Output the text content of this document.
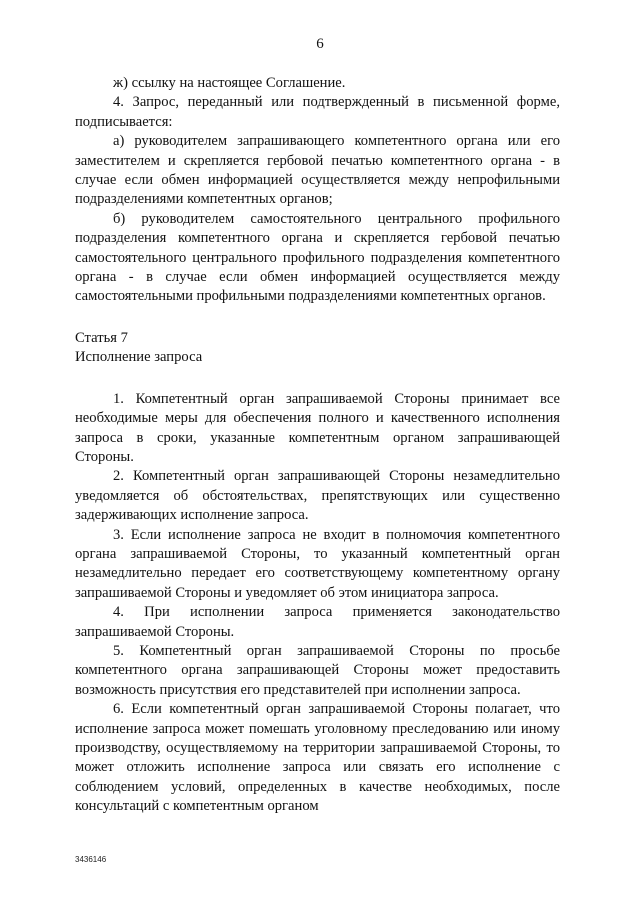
6

ж) ссылку на настоящее Соглашение.

4. Запрос, переданный или подтвержденный в письменной форме, подписывается:

а) руководителем запрашивающего компетентного органа или его заместителем и скрепляется гербовой печатью компетентного органа - в случае если обмен информацией осуществляется между непрофильными подразделениями компетентных органов;

б) руководителем самостоятельного центрального профильного подразделения компетентного органа и скрепляется гербовой печатью самостоятельного центрального профильного подразделения компетентного органа - в случае если обмен информацией осуществляется между самостоятельными профильными подразделениями компетентных органов.

Статья 7

Исполнение запроса

1. Компетентный орган запрашиваемой Стороны принимает все необходимые меры для обеспечения полного и качественного исполнения запроса в сроки, указанные компетентным органом запрашивающей Стороны.

2. Компетентный орган запрашивающей Стороны незамедлительно уведомляется об обстоятельствах, препятствующих или существенно задерживающих исполнение запроса.

3. Если исполнение запроса не входит в полномочия компетентного органа запрашиваемой Стороны, то указанный компетентный орган незамедлительно передает его соответствующему компетентному органу запрашиваемой Стороны и уведомляет об этом инициатора запроса.

4. При исполнении запроса применяется законодательство запрашиваемой Стороны.

5. Компетентный орган запрашиваемой Стороны по просьбе компетентного органа запрашивающей Стороны может предоставить возможность присутствия его представителей при исполнении запроса.

6. Если компетентный орган запрашиваемой Стороны полагает, что исполнение запроса может помешать уголовному преследованию или иному производству, осуществляемому на территории запрашиваемой Стороны, то может отложить исполнение запроса или связать его исполнение с соблюдением условий, определенных в качестве необходимых, после консультаций с компетентным органом

3436146
